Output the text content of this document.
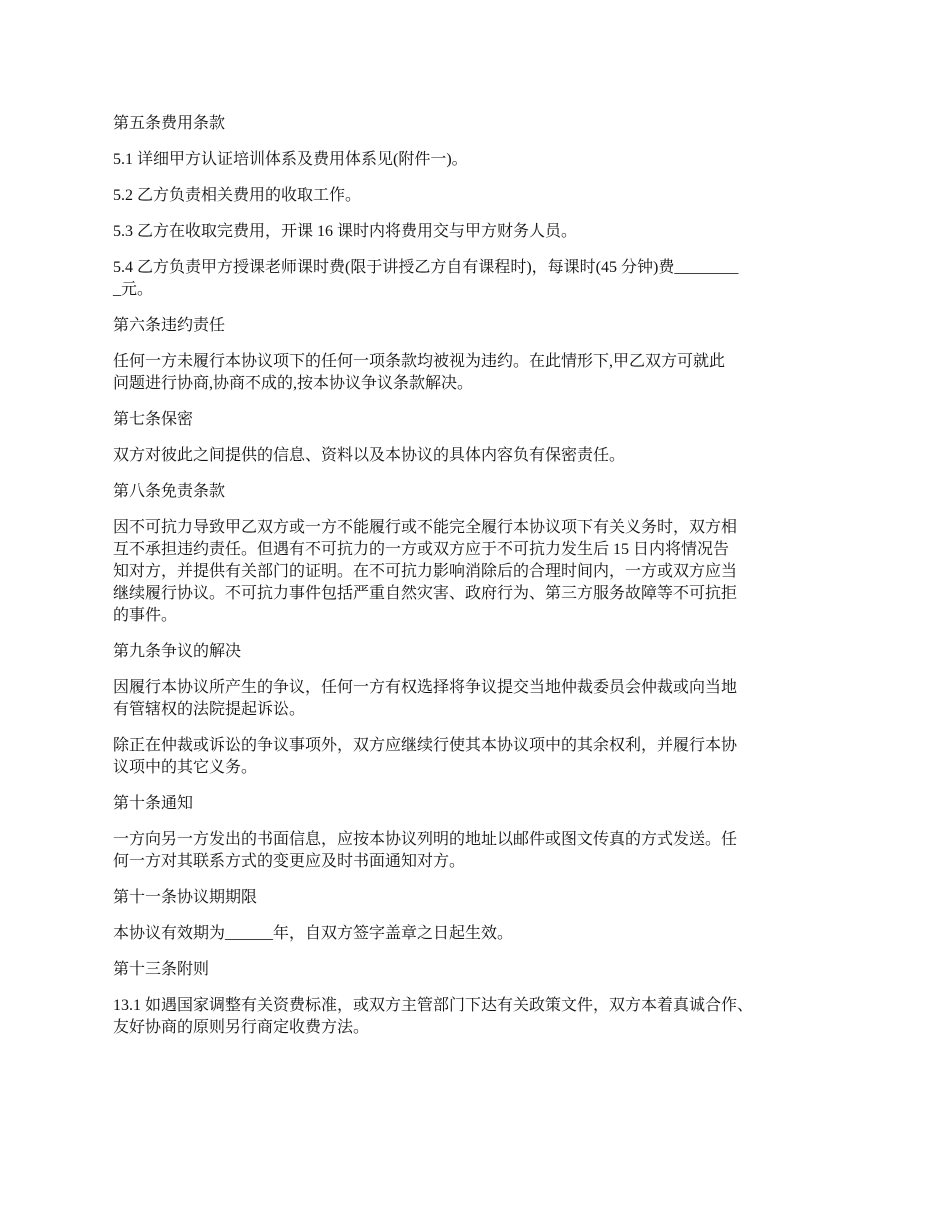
第五条费用条款

5.1 详细甲方认证培训体系及费用体系见(附件一)。

5.2 乙方负责相关费用的收取工作。

5.3 乙方在收取完费用，开课 16 课时内将费用交与甲方财务人员。

5.4 乙方负责甲方授课老师课时费(限于讲授乙方自有课程时)，每课时(45 分钟)费________
_元。

第六条违约责任

任何一方未履行本协议项下的任何一项条款均被视为违约。在此情形下,甲乙双方可就此
问题进行协商,协商不成的,按本协议争议条款解决。

第七条保密

双方对彼此之间提供的信息、资料以及本协议的具体内容负有保密责任。

第八条免责条款

因不可抗力导致甲乙双方或一方不能履行或不能完全履行本协议项下有关义务时，双方相
互不承担违约责任。但遇有不可抗力的一方或双方应于不可抗力发生后 15 日内将情况告
知对方，并提供有关部门的证明。在不可抗力影响消除后的合理时间内，一方或双方应当
继续履行协议。不可抗力事件包括严重自然灾害、政府行为、第三方服务故障等不可抗拒
的事件。

第九条争议的解决

因履行本协议所产生的争议，任何一方有权选择将争议提交当地仲裁委员会仲裁或向当地
有管辖权的法院提起诉讼。

除正在仲裁或诉讼的争议事项外，双方应继续行使其本协议项中的其余权利，并履行本协
议项中的其它义务。

第十条通知

一方向另一方发出的书面信息，应按本协议列明的地址以邮件或图文传真的方式发送。任
何一方对其联系方式的变更应及时书面通知对方。

第十一条协议期期限

本协议有效期为______年，自双方签字盖章之日起生效。

第十三条附则

13.1 如遇国家调整有关资费标准，或双方主管部门下达有关政策文件，双方本着真诚合作、
友好协商的原则另行商定收费方法。
